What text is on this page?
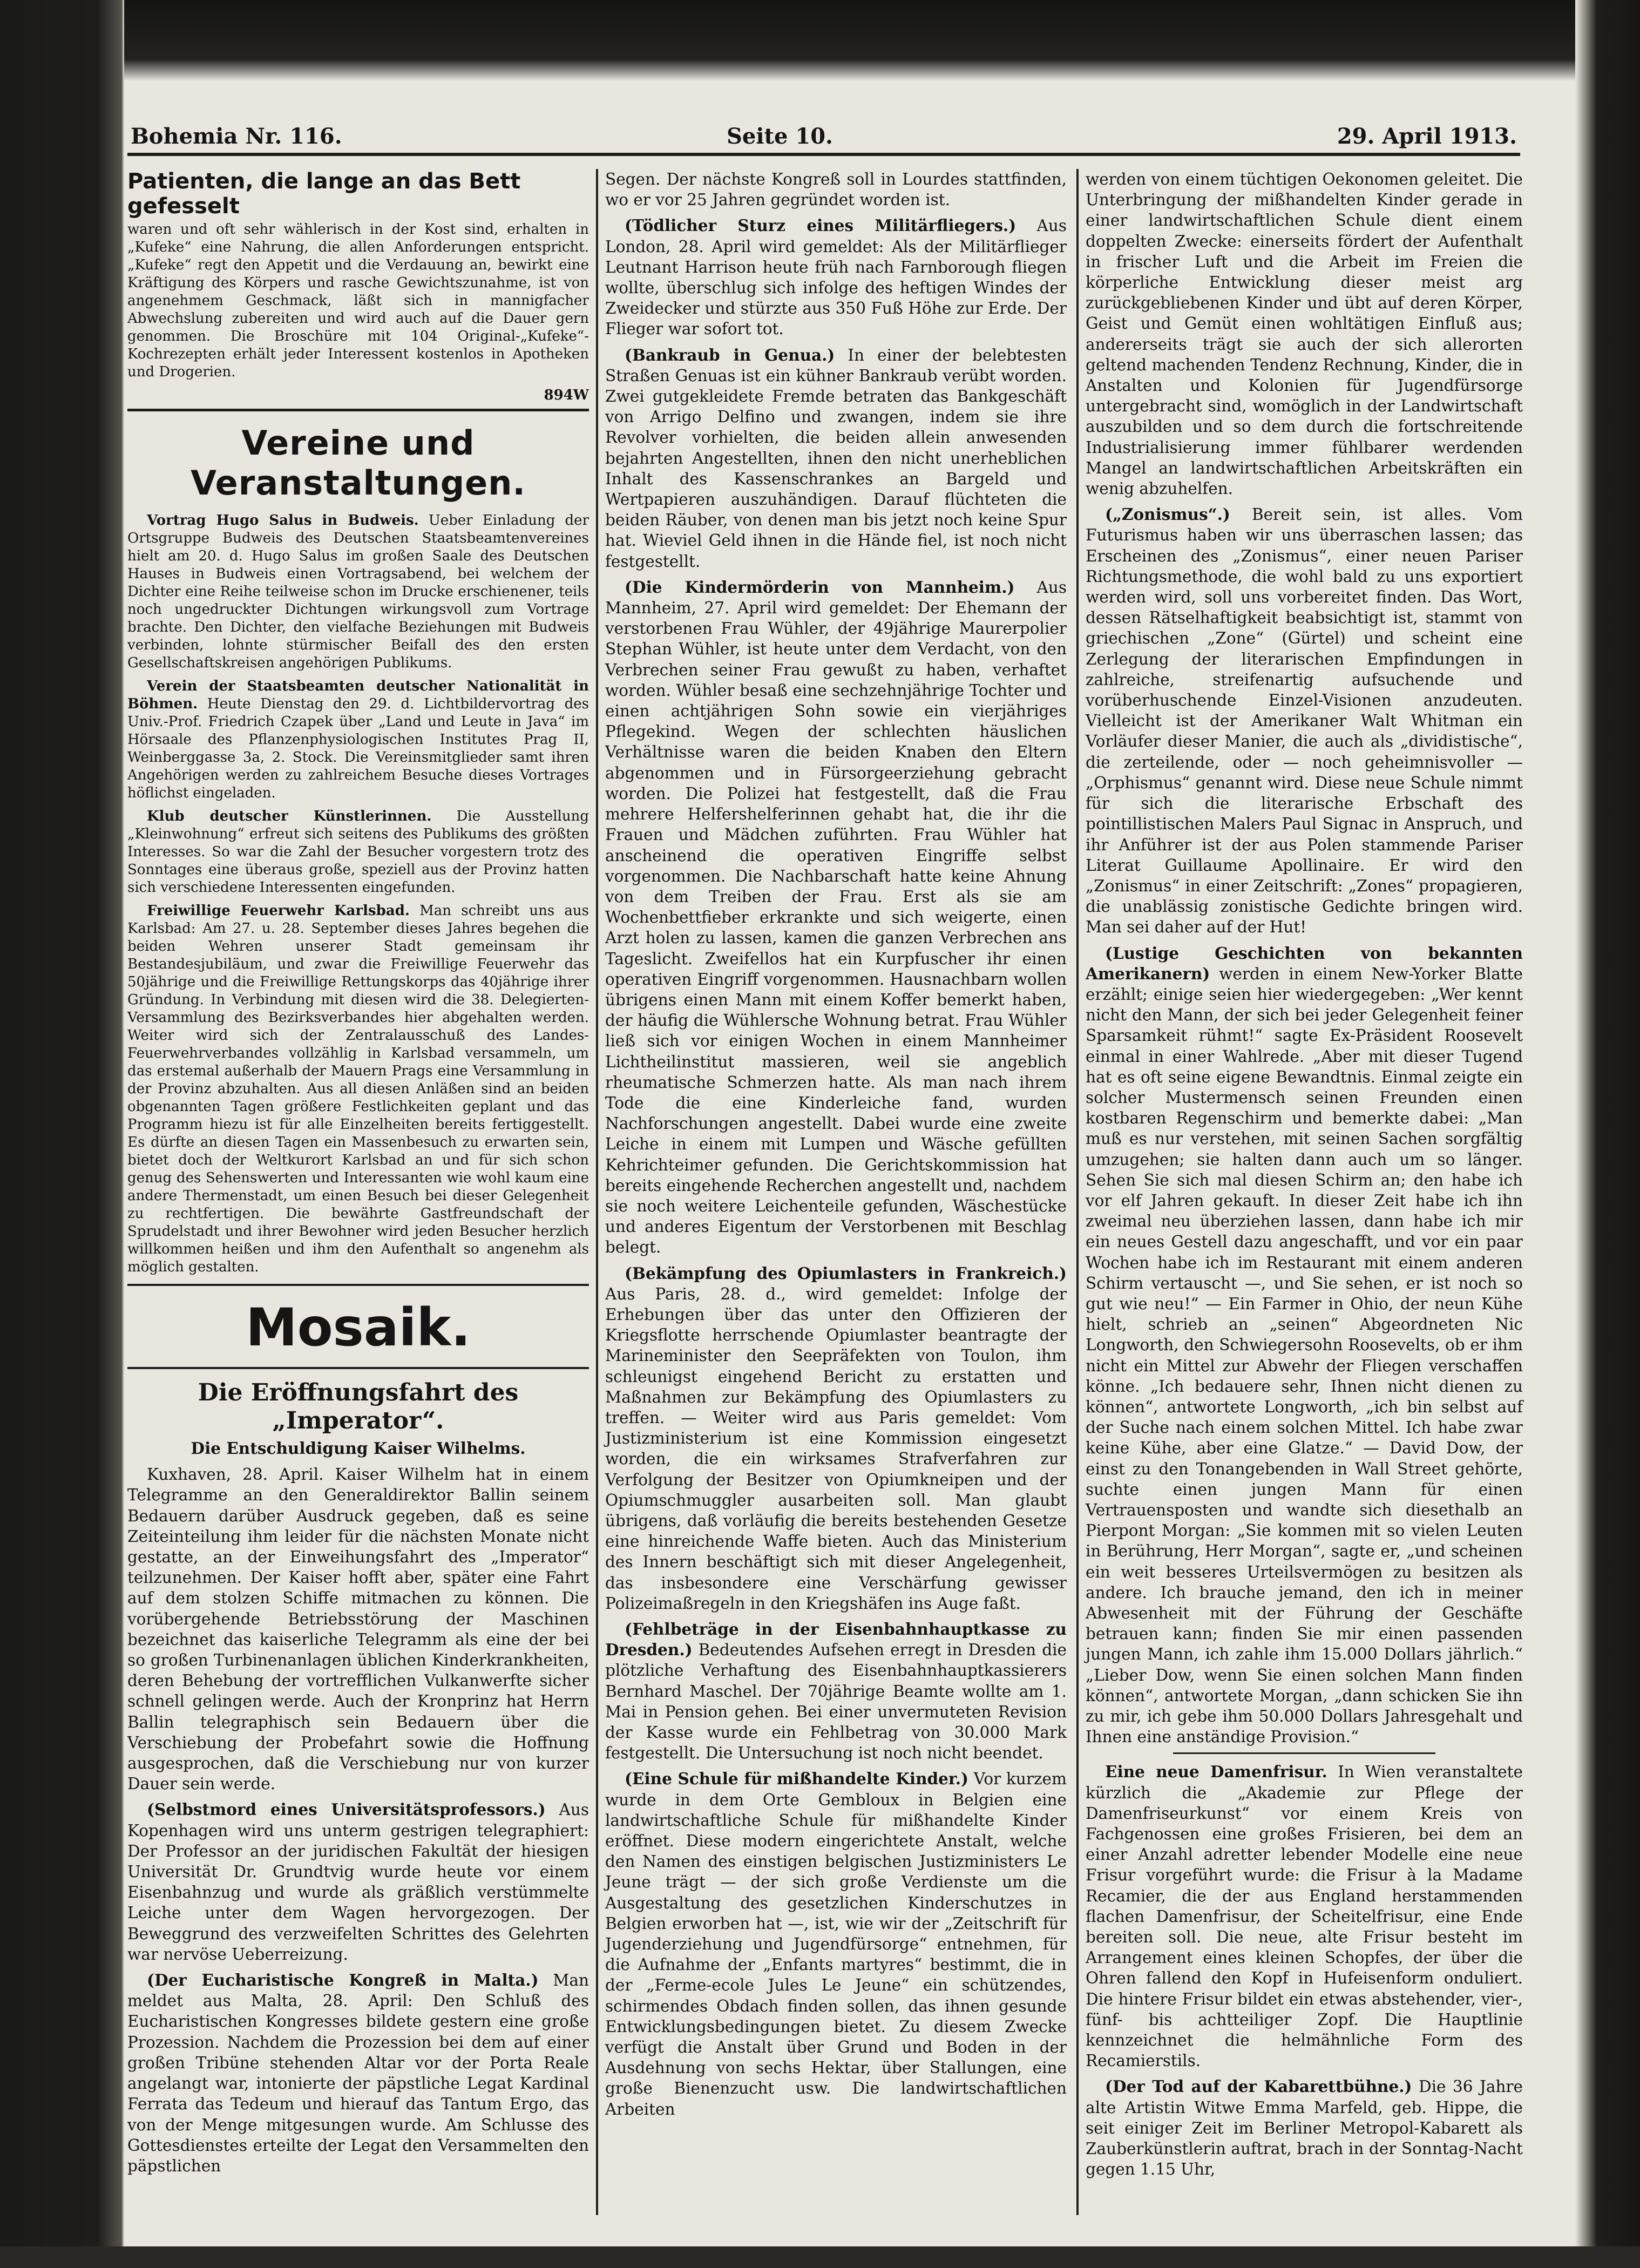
Bohemia Nr. 116.	Seite 10.	29. April 1913.
Patienten, die lange an das Bett gefesselt

waren und oft sehr wählerisch in der Kost sind, erhalten in „Kufeke“ eine Nahrung, die allen Anforderungen entspricht. „Kufeke“ regt den Appetit und die Verdauung an, bewirkt eine Kräftigung des Körpers und rasche Gewichtszunahme, ist von angenehmem Geschmack, läßt sich in mannigfacher Abwechslung zubereiten und wird auch auf die Dauer gern genommen. Die Broschüre mit 104 Original-„Kufeke“-Kochrezepten erhält jeder Interessent kostenlos in Apotheken und Drogerien.

894W
Vereine und Veranstaltungen.

Vortrag Hugo Salus in Budweis. Ueber Einladung der Ortsgruppe Budweis des Deutschen Staatsbeamtenvereines hielt am 20. d. Hugo Salus im großen Saale des Deutschen Hauses in Budweis einen Vortragsabend, bei welchem der Dichter eine Reihe teilweise schon im Drucke erschienener, teils noch ungedruckter Dichtungen wirkungsvoll zum Vortrage brachte. Den Dichter, den vielfache Beziehungen mit Budweis verbinden, lohnte stürmischer Beifall des den ersten Gesellschaftskreisen angehörigen Publikums.

Verein der Staatsbeamten deutscher Nationalität in Böhmen. Heute Dienstag den 29. d. Lichtbildervortrag des Univ.-Prof. Friedrich Czapek über „Land und Leute in Java“ im Hörsaale des Pflanzenphysiologischen Institutes Prag II, Weinberggasse 3a, 2. Stock. Die Vereinsmitglieder samt ihren Angehörigen werden zu zahlreichem Besuche dieses Vortrages höflichst eingeladen.

Klub deutscher Künstlerinnen. Die Ausstellung „Kleinwohnung“ erfreut sich seitens des Publikums des größten Interesses. So war die Zahl der Besucher vorgestern trotz des Sonntages eine überaus große, speziell aus der Provinz hatten sich verschiedene Interessenten eingefunden.

Freiwillige Feuerwehr Karlsbad. Man schreibt uns aus Karlsbad: Am 27. u. 28. September dieses Jahres begehen die beiden Wehren unserer Stadt gemeinsam ihr Bestandesjubiläum, und zwar die Freiwillige Feuerwehr das 50jährige und die Freiwillige Rettungskorps das 40jährige ihrer Gründung. In Verbindung mit diesen wird die 38. Delegierten-Versammlung des Bezirksverbandes hier abgehalten werden. Weiter wird sich der Zentralausschuß des Landes-Feuerwehrverbandes vollzählig in Karlsbad versammeln, um das erstemal außerhalb der Mauern Prags eine Versammlung in der Provinz abzuhalten. Aus all diesen Anläßen sind an beiden obgenannten Tagen größere Festlichkeiten geplant und das Programm hiezu ist für alle Einzelheiten bereits fertiggestellt. Es dürfte an diesen Tagen ein Massenbesuch zu erwarten sein, bietet doch der Weltkurort Karlsbad an und für sich schon genug des Sehenswerten und Interessanten wie wohl kaum eine andere Thermenstadt, um einen Besuch bei dieser Gelegenheit zu rechtfertigen. Die bewährte Gastfreundschaft der Sprudelstadt und ihrer Bewohner wird jeden Besucher herzlich willkommen heißen und ihm den Aufenthalt so angenehm als möglich gestalten.

Mosaik.
Die Eröffnungsfahrt des „Imperator“.
Die Entschuldigung Kaiser Wilhelms.

Kuxhaven, 28. April. Kaiser Wilhelm hat in einem Telegramme an den Generaldirektor Ballin seinem Bedauern darüber Ausdruck gegeben, daß es seine Zeiteinteilung ihm leider für die nächsten Monate nicht gestatte, an der Einweihungsfahrt des „Imperator“ teilzunehmen. Der Kaiser hofft aber, später eine Fahrt auf dem stolzen Schiffe mitmachen zu können. Die vorübergehende Betriebsstörung der Maschinen bezeichnet das kaiserliche Telegramm als eine der bei so großen Turbinenanlagen üblichen Kinderkrankheiten, deren Behebung der vortrefflichen Vulkanwerfte sicher schnell gelingen werde. Auch der Kronprinz hat Herrn Ballin telegraphisch sein Bedauern über die Verschiebung der Probefahrt sowie die Hoffnung ausgesprochen, daß die Verschiebung nur von kurzer Dauer sein werde.

(Selbstmord eines Universitätsprofessors.) Aus Kopenhagen wird uns unterm gestrigen telegraphiert: Der Professor an der juridischen Fakultät der hiesigen Universität Dr. Grundtvig wurde heute vor einem Eisenbahnzug und wurde als gräßlich verstümmelte Leiche unter dem Wagen hervorgezogen. Der Beweggrund des verzweifelten Schrittes des Gelehrten war nervöse Ueberreizung.

(Der Eucharistische Kongreß in Malta.) Man meldet aus Malta, 28. April: Den Schluß des Eucharistischen Kongresses bildete gestern eine große Prozession. Nachdem die Prozession bei dem auf einer großen Tribüne stehenden Altar vor der Porta Reale angelangt war, intonierte der päpstliche Legat Kardinal Ferrata das Tedeum und hierauf das Tantum Ergo, das von der Menge mitgesungen wurde. Am Schlusse des Gottesdienstes erteilte der Legat den Versammelten den päpstlichen

Segen. Der nächste Kongreß soll in Lourdes stattfinden, wo er vor 25 Jahren gegründet worden ist.

(Tödlicher Sturz eines Militärfliegers.) Aus London, 28. April wird gemeldet: Als der Militärflieger Leutnant Harrison heute früh nach Farnborough fliegen wollte, überschlug sich infolge des heftigen Windes der Zweidecker und stürzte aus 350 Fuß Höhe zur Erde. Der Flieger war sofort tot.

(Bankraub in Genua.) In einer der belebtesten Straßen Genuas ist ein kühner Bankraub verübt worden. Zwei gutgekleidete Fremde betraten das Bankgeschäft von Arrigo Delfino und zwangen, indem sie ihre Revolver vorhielten, die beiden allein anwesenden bejahrten Angestellten, ihnen den nicht unerheblichen Inhalt des Kassenschrankes an Bargeld und Wertpapieren auszuhändigen. Darauf flüchteten die beiden Räuber, von denen man bis jetzt noch keine Spur hat. Wieviel Geld ihnen in die Hände fiel, ist noch nicht festgestellt.

(Die Kindermörderin von Mannheim.) Aus Mannheim, 27. April wird gemeldet: Der Ehemann der verstorbenen Frau Wühler, der 49jährige Maurerpolier Stephan Wühler, ist heute unter dem Verdacht, von den Verbrechen seiner Frau gewußt zu haben, verhaftet worden. Wühler besaß eine sechzehnjährige Tochter und einen achtjährigen Sohn sowie ein vierjähriges Pflegekind. Wegen der schlechten häuslichen Verhältnisse waren die beiden Knaben den Eltern abgenommen und in Fürsorgeerziehung gebracht worden. Die Polizei hat festgestellt, daß die Frau mehrere Helfershelferinnen gehabt hat, die ihr die Frauen und Mädchen zuführten. Frau Wühler hat anscheinend die operativen Eingriffe selbst vorgenommen. Die Nachbarschaft hatte keine Ahnung von dem Treiben der Frau. Erst als sie am Wochenbettfieber erkrankte und sich weigerte, einen Arzt holen zu lassen, kamen die ganzen Verbrechen ans Tageslicht. Zweifellos hat ein Kurpfuscher ihr einen operativen Eingriff vorgenommen. Hausnachbarn wollen übrigens einen Mann mit einem Koffer bemerkt haben, der häufig die Wühlersche Wohnung betrat. Frau Wühler ließ sich vor einigen Wochen in einem Mannheimer Lichtheilinstitut massieren, weil sie angeblich rheumatische Schmerzen hatte. Als man nach ihrem Tode die eine Kinderleiche fand, wurden Nachforschungen angestellt. Dabei wurde eine zweite Leiche in einem mit Lumpen und Wäsche gefüllten Kehrichteimer gefunden. Die Gerichtskommission hat bereits eingehende Recherchen angestellt und, nachdem sie noch weitere Leichenteile gefunden, Wäschestücke und anderes Eigentum der Verstorbenen mit Beschlag belegt.

(Bekämpfung des Opiumlasters in Frankreich.) Aus Paris, 28. d., wird gemeldet: Infolge der Erhebungen über das unter den Offizieren der Kriegsflotte herrschende Opiumlaster beantragte der Marineminister den Seepräfekten von Toulon, ihm schleunigst eingehend Bericht zu erstatten und Maßnahmen zur Bekämpfung des Opiumlasters zu treffen. — Weiter wird aus Paris gemeldet: Vom Justizministerium ist eine Kommission eingesetzt worden, die ein wirksames Strafverfahren zur Verfolgung der Besitzer von Opiumkneipen und der Opiumschmuggler ausarbeiten soll. Man glaubt übrigens, daß vorläufig die bereits bestehenden Gesetze eine hinreichende Waffe bieten. Auch das Ministerium des Innern beschäftigt sich mit dieser Angelegenheit, das insbesondere eine Verschärfung gewisser Polizeimaßregeln in den Kriegshäfen ins Auge faßt.

(Fehlbeträge in der Eisenbahnhauptkasse zu Dresden.) Bedeutendes Aufsehen erregt in Dresden die plötzliche Verhaftung des Eisenbahnhauptkassierers Bernhard Maschel. Der 70jährige Beamte wollte am 1. Mai in Pension gehen. Bei einer unvermuteten Revision der Kasse wurde ein Fehlbetrag von 30.000 Mark festgestellt. Die Untersuchung ist noch nicht beendet.

(Eine Schule für mißhandelte Kinder.) Vor kurzem wurde in dem Orte Gembloux in Belgien eine landwirtschaftliche Schule für mißhandelte Kinder eröffnet. Diese modern eingerichtete Anstalt, welche den Namen des einstigen belgischen Justizministers Le Jeune trägt — der sich große Verdienste um die Ausgestaltung des gesetzlichen Kinderschutzes in Belgien erworben hat —, ist, wie wir der „Zeitschrift für Jugenderziehung und Jugendfürsorge“ entnehmen, für die Aufnahme der „Enfants martyres“ bestimmt, die in der „Ferme-ecole Jules Le Jeune“ ein schützendes, schirmendes Obdach finden sollen, das ihnen gesunde Entwicklungsbedingungen bietet. Zu diesem Zwecke verfügt die Anstalt über Grund und Boden in der Ausdehnung von sechs Hektar, über Stallungen, eine große Bienenzucht usw. Die landwirtschaftlichen Arbeiten

werden von einem tüchtigen Oekonomen geleitet. Die Unterbringung der mißhandelten Kinder gerade in einer landwirtschaftlichen Schule dient einem doppelten Zwecke: einerseits fördert der Aufenthalt in frischer Luft und die Arbeit im Freien die körperliche Entwicklung dieser meist arg zurückgebliebenen Kinder und übt auf deren Körper, Geist und Gemüt einen wohltätigen Einfluß aus; andererseits trägt sie auch der sich allerorten geltend machenden Tendenz Rechnung, Kinder, die in Anstalten und Kolonien für Jugendfürsorge untergebracht sind, womöglich in der Landwirtschaft auszubilden und so dem durch die fortschreitende Industrialisierung immer fühlbarer werdenden Mangel an landwirtschaftlichen Arbeitskräften ein wenig abzuhelfen.

(„Zonismus“.) Bereit sein, ist alles. Vom Futurismus haben wir uns überraschen lassen; das Erscheinen des „Zonismus“, einer neuen Pariser Richtungsmethode, die wohl bald zu uns exportiert werden wird, soll uns vorbereitet finden. Das Wort, dessen Rätselhaftigkeit beabsichtigt ist, stammt von griechischen „Zone“ (Gürtel) und scheint eine Zerlegung der literarischen Empfindungen in zahlreiche, streifenartig aufsuchende und vorüberhuschende Einzel-Visionen anzudeuten. Vielleicht ist der Amerikaner Walt Whitman ein Vorläufer dieser Manier, die auch als „dividistische“, die zerteilende, oder — noch geheimnisvoller — „Orphismus“ genannt wird. Diese neue Schule nimmt für sich die literarische Erbschaft des pointillistischen Malers Paul Signac in Anspruch, und ihr Anführer ist der aus Polen stammende Pariser Literat Guillaume Apollinaire. Er wird den „Zonismus“ in einer Zeitschrift: „Zones“ propagieren, die unablässig zonistische Gedichte bringen wird. Man sei daher auf der Hut!

(Lustige Geschichten von bekannten Amerikanern) werden in einem New-Yorker Blatte erzählt; einige seien hier wiedergegeben: „Wer kennt nicht den Mann, der sich bei jeder Gelegenheit feiner Sparsamkeit rühmt!“ sagte Ex-Präsident Roosevelt einmal in einer Wahlrede. „Aber mit dieser Tugend hat es oft seine eigene Bewandtnis. Einmal zeigte ein solcher Mustermensch seinen Freunden einen kostbaren Regenschirm und bemerkte dabei: „Man muß es nur verstehen, mit seinen Sachen sorgfältig umzugehen; sie halten dann auch um so länger. Sehen Sie sich mal diesen Schirm an; den habe ich vor elf Jahren gekauft. In dieser Zeit habe ich ihn zweimal neu überziehen lassen, dann habe ich mir ein neues Gestell dazu angeschafft, und vor ein paar Wochen habe ich im Restaurant mit einem anderen Schirm vertauscht —, und Sie sehen, er ist noch so gut wie neu!“ — Ein Farmer in Ohio, der neun Kühe hielt, schrieb an „seinen“ Abgeordneten Nic Longworth, den Schwiegersohn Roosevelts, ob er ihm nicht ein Mittel zur Abwehr der Fliegen verschaffen könne. „Ich bedauere sehr, Ihnen nicht dienen zu können“, antwortete Longworth, „ich bin selbst auf der Suche nach einem solchen Mittel. Ich habe zwar keine Kühe, aber eine Glatze.“ — David Dow, der einst zu den Tonangebenden in Wall Street gehörte, suchte einen jungen Mann für einen Vertrauensposten und wandte sich diesethalb an Pierpont Morgan: „Sie kommen mit so vielen Leuten in Berührung, Herr Morgan“, sagte er, „und scheinen ein weit besseres Urteilsvermögen zu besitzen als andere. Ich brauche jemand, den ich in meiner Abwesenheit mit der Führung der Geschäfte betrauen kann; finden Sie mir einen passenden jungen Mann, ich zahle ihm 15.000 Dollars jährlich.“ „Lieber Dow, wenn Sie einen solchen Mann finden können“, antwortete Morgan, „dann schicken Sie ihn zu mir, ich gebe ihm 50.000 Dollars Jahresgehalt und Ihnen eine anständige Provision.“

Eine neue Damenfrisur. In Wien veranstaltete kürzlich die „Akademie zur Pflege der Damenfriseurkunst“ vor einem Kreis von Fachgenossen eine großes Frisieren, bei dem an einer Anzahl adretter lebender Modelle eine neue Frisur vorgeführt wurde: die Frisur à la Madame Recamier, die der aus England herstammenden flachen Damenfrisur, der Scheitelfrisur, eine Ende bereiten soll. Die neue, alte Frisur besteht im Arrangement eines kleinen Schopfes, der über die Ohren fallend den Kopf in Hufeisenform onduliert. Die hintere Frisur bildet ein etwas abstehender, vier-, fünf- bis achtteiliger Zopf. Die Hauptlinie kennzeichnet die helmähnliche Form des Recamierstils.

(Der Tod auf der Kabarettbühne.) Die 36 Jahre alte Artistin Witwe Emma Marfeld, geb. Hippe, die seit einiger Zeit im Berliner Metropol-Kabarett als Zauberkünstlerin auftrat, brach in der Sonntag-Nacht gegen 1.15 Uhr,
